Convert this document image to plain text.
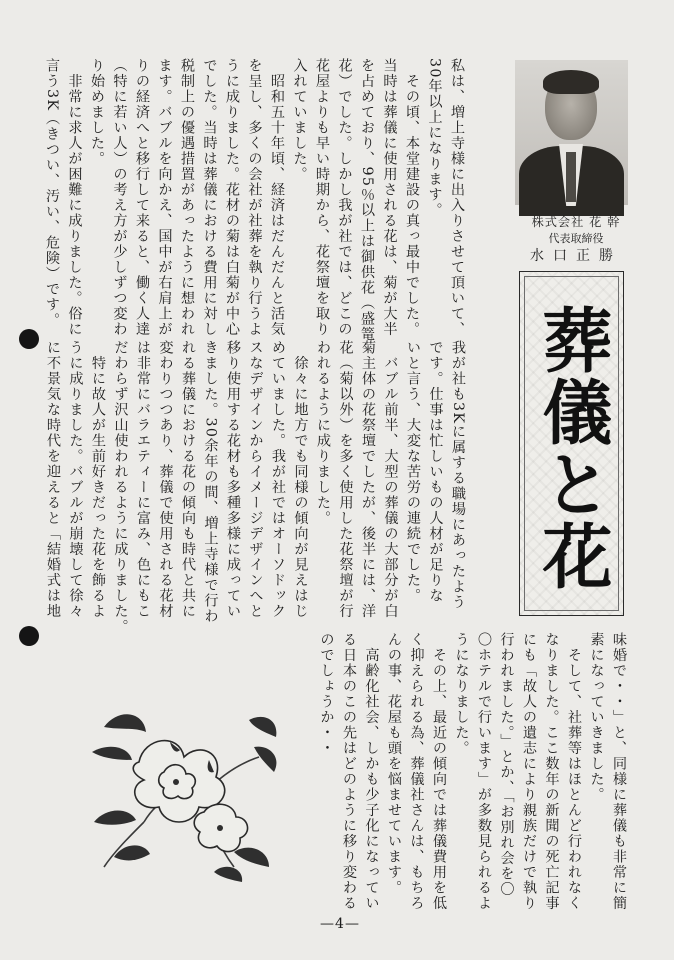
私は、増上寺様に出入りさせて頂いて、
30年以上になります。
　その頃、本堂建設の真っ最中でした。
当時は葬儀に使用される花は、菊が大半
を占めており、95％以上は御供花（盛篭
花）でした。しかし我が社では、どこの
花屋よりも早い時期から、花祭壇を取り
入れていました。
　昭和五十年頃、経済はだんだんと活気
を呈し、多くの会社が社葬を執り行うよ
うに成りました。花材の菊は白菊が中心
でした。当時は葬儀における費用に対し
税制上の優遇措置があったように想われ
ます。バブルを向かえ、国中が右肩上が
りの経済へと移行して来ると、働く人達
（特に若い人）の考え方が少しずつ変わ
り始めました。
　非常に求人が困難に成りました。俗に
言う3K（きつい、汚い、危険）です。
我が社も3Kに属する職場にあったよう
です。仕事は忙しいもの人材が足りな
いと言う、大変な苦労の連続でした。
　バブル前半、大型の葬儀の大部分が白
菊主体の花祭壇でしたが、後半には、洋
花（菊以外）を多く使用した花祭壇が行
われるように成りました。
　徐々に地方でも同様の傾向が見えはじ
めていました。我が社ではオーソドック
スなデザインからイメージデザインへと
移り使用する花材も多種多様に成ってい
きました。30余年の間、増上寺様で行わ
れる葬儀における花の傾向も時代と共に
変わりつつあり、葬儀で使用される花材
は非常にバラエティーに富み、色にもこ
だわらず沢山使われるように成りました。
　特に故人が生前好きだった花を飾るよ
うに成りました。バブルが崩壊して徐々
に不景気な時代を迎えると「結婚式は地
味婚で・・」と、同様に葬儀も非常に簡
素になっていきました。
　そして、社葬等はほとんど行われなく
なりました。ここ数年の新聞の死亡記事
にも「故人の遺志により親族だけで執り
行われました。」とか、「お別れ会を〇
〇ホテルで行います」が多数見られるよ
うになりました。
　その上、最近の傾向では葬儀費用を低
く抑えられる為、葬儀社さんは、もちろ
んの事、花屋も頭を悩ませています。
　高齢化社会、しかも少子化になってい
る日本のこの先はどのように移り変わる
のでしょうか・・
株式会社 花 幹
代表取締役
水口正勝
葬儀と花
—4—
